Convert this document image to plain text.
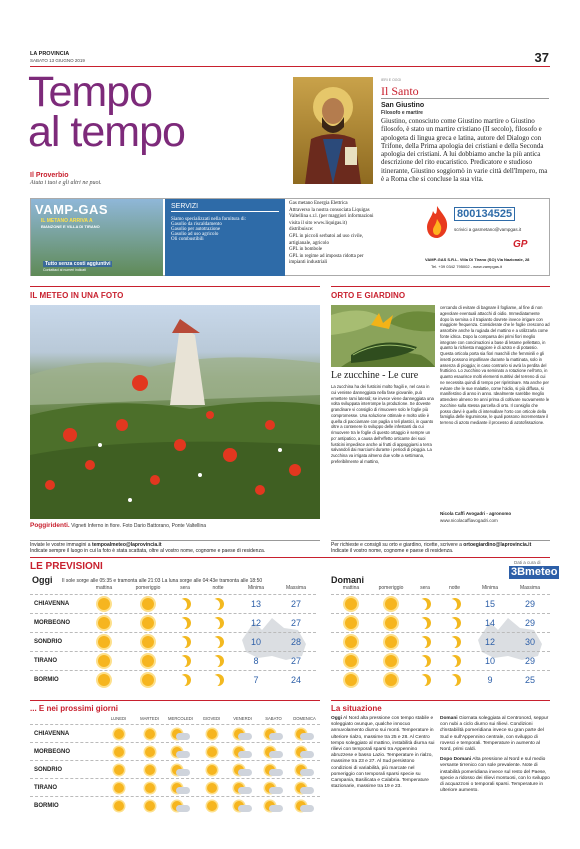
LA PROVINCIA
SABATO 13 GIUGNO 2019	37
Tempo
al tempo
Il Proverbio
Aiuta i tuoi e gli altri ne puoi.
IERI E OGGI
Il Santo
San Giustino
Filosofo e martire
Giustino, conosciuto come Giustino martire o Giustino filosofo, è stato un martire cristiano (II secolo), filosofo e apologeta di lingua greca e latina, autore del Dialogo con Trifone, della Prima apologia dei cristiani e della Seconda apologia dei cristiani. A lui dobbiamo anche la più antica descrizione del rito eucaristico. Predicatore e studioso itinerante, Giustino soggiornò in varie città dell'Impero, ma è a Roma che si concluse la sua vita.
VAMP-GAS
IL METANO ARRIVA A
BIANZONE E VILLA DI TIRANO
Tutto senza costi aggiuntivi
Contattaci ai numeri indicati
SERVIZI
Siamo specializzati nella fornitura di:
Gasolio da riscaldamento
Gasolio per autotrazione
Gasolio ad uso agricolo
Oli combustibili
Gas metano Energia Elettrica
Attraverso la nostra consociata Liquigas
Valtellina s.r.l. (per maggiori informazioni
visita il sito www.liquigas.it)
distribuisce:
GPL in piccoli serbatoi ad uso civile,
artigianale, agricolo
GPL in bombole
GPL in regime ad imposta ridotta per
impianti industriali
800134525
scrivici a gasmetano@vampgas.it
GP
VAMP-GAS S.R.L. Villa Di Tirano (SO) Via Nazionale, 28
Tel. +39 0342 795002 - www.vampgas.it
IL METEO IN UNA FOTO
Poggiridenti. Vigneti Inferno in fiore. Foto Dario Battorano, Ponte Valtellina
Inviate le vostre immagini a tempoalmeteo@laprovincia.it
Indicate sempre il luogo in cui la foto è stata scattata, oltre al vostro nome, cognome e paese di residenza.
ORTO E GIARDINO
Le zucchine - Le cure
La zucchina ha dei fusticini molto fragili e, nel caso in cui venisse danneggiata nella fase giovanile, può emettere rami laterali; se invece viene danneggiata una volta sviluppata interrompe la produzione. Se doveste grandinare vi consiglio di rimuovere solo le foglie più compromesse. Una soluzione ottimale e molto utile è quella di pacciamare con paglia o teli plastici, in quanto oltre a contenere lo sviluppo delle infestanti da cui rimuovere tra le foglie di questo ortaggio è sempre un po' antipatico, a causa dell'effetto orticante dei suoi fusticini impedisce anche ai frutti di appoggiarsi a terra salvandoli dai marciumi durante i periodi di pioggia. La zucchina va irrigata almeno due volte a settimana, preferibilmente al mattino,
cercando di evitare di bagnare il fogliame, al fine di non agevolare eventuali attacchi di oidio. Immediatamente dopo la semina o il trapianto dovrete invece irrigare con maggiore frequenza. Considerate che le foglie crescono ad assorbire anche la rugiada del mattino e a utilizzarla come fonte idrica. Dopo la comparsa dei primi fiori meglio integrare con concimazioni a base di letame pellettato, in quanto la richiesta maggiore è di azoto e di potassio. Questa orticola porta sia fiori maschili che femminili e gli insetti possono impollinare durante la mattinata, solo in assenza di pioggia; in caso contrario si avrà la perdita del frutticino. Lo zucchino va seminato a rotazione nell'orto, in quanto esaurisce molti elementi nutritivi del terreno di cui ne necessita quindi di tempo per ripristinare. Ma anche per evitare che le sue malattie, come l'oidio, si più diffusa, si manifestino di anno in anno. Idealmente sarebbe meglio attendere almeno tre anni prima di coltivare nuovamente le zucchine sulla stessa parcella di orto. Il consiglio che posso darvi è quello di intervallare l'orto con orticole della famiglia delle leguminose, le quali possono incrementare il terreno di azoto mediante il processo di azotofissazione.
Nicola Caffi Avogadri - agronomo
www.nicolacaffiavogadri.com
Per richieste e consigli su orto e giardino, ricette, scrivere a ortoegiardino@laprovincia.it
Indicate il vostro nome, cognome e paese di residenza.
LE PREVISIONI	Dati a cura di
3Bmeteo
Oggi Il sole sorge alle 05:35 e tramonta alle 21:03 La luna sorge alle 04:43e tramonta alle 18:50	Domani
mattina	pomeriggio	sera	notte	Minima	Massima
CHIAVENNA	13	27
MORBEGNO	12	27
SONDRIO	10	28
TIRANO	8	27
BORMIO	7	24
mattina	pomeriggio	sera	notte	Minima	Massima
15	29
14	29
12	30
10	29
9	25
... E nei prossimi giorni
LUNEDI	MARTEDI	MERCOLEDI	GIOVEDI	VENERDI	SABATO	DOMENICA
CHIAVENNA
MORBEGNO
SONDRIO
TIRANO
BORMIO
La situazione
Oggi Al Nord alta pressione con tempo stabile e soleggiato ovunque, qualche innocuo annuvolamento diurno sui monti. Temperature in ulteriore rialzo, massime tra 25 e 28. Al Centro tempo soleggiato al mattino, instabilità diurna sui rilievi con temporali sparsi tra Appennino abruzzese e basso Lazio. Temperature in rialzo, massime tra 23 e 27. Al Sud persistono condizioni di variabilità, più marcate nel pomeriggio con temporali sparsi specie su Campania, Basilicata e Calabria. Temperature stazionarie, massime tra 19 e 23.
Domani Giornata soleggiata al Centronord, seppur con nubi a ciclo diurno sui rilievi. Condizioni d'instabilità pomeridiana invece su gran parte del Sud e sull'Appennino centrale, con sviluppo di rovesci e temporali. Temperature in aumento al Nord, primi caldi.
Dopo Domani Alta pressione al Nord e sul medio versante tirrenico con sole prevalente. Note di instabilità pomeridiana invece sul resto del Paese, specie a ridosso dei rilievi montuosi, con lo sviluppo di acquazzoni o temporali sparsi. Temperature in ulteriore aumento.
